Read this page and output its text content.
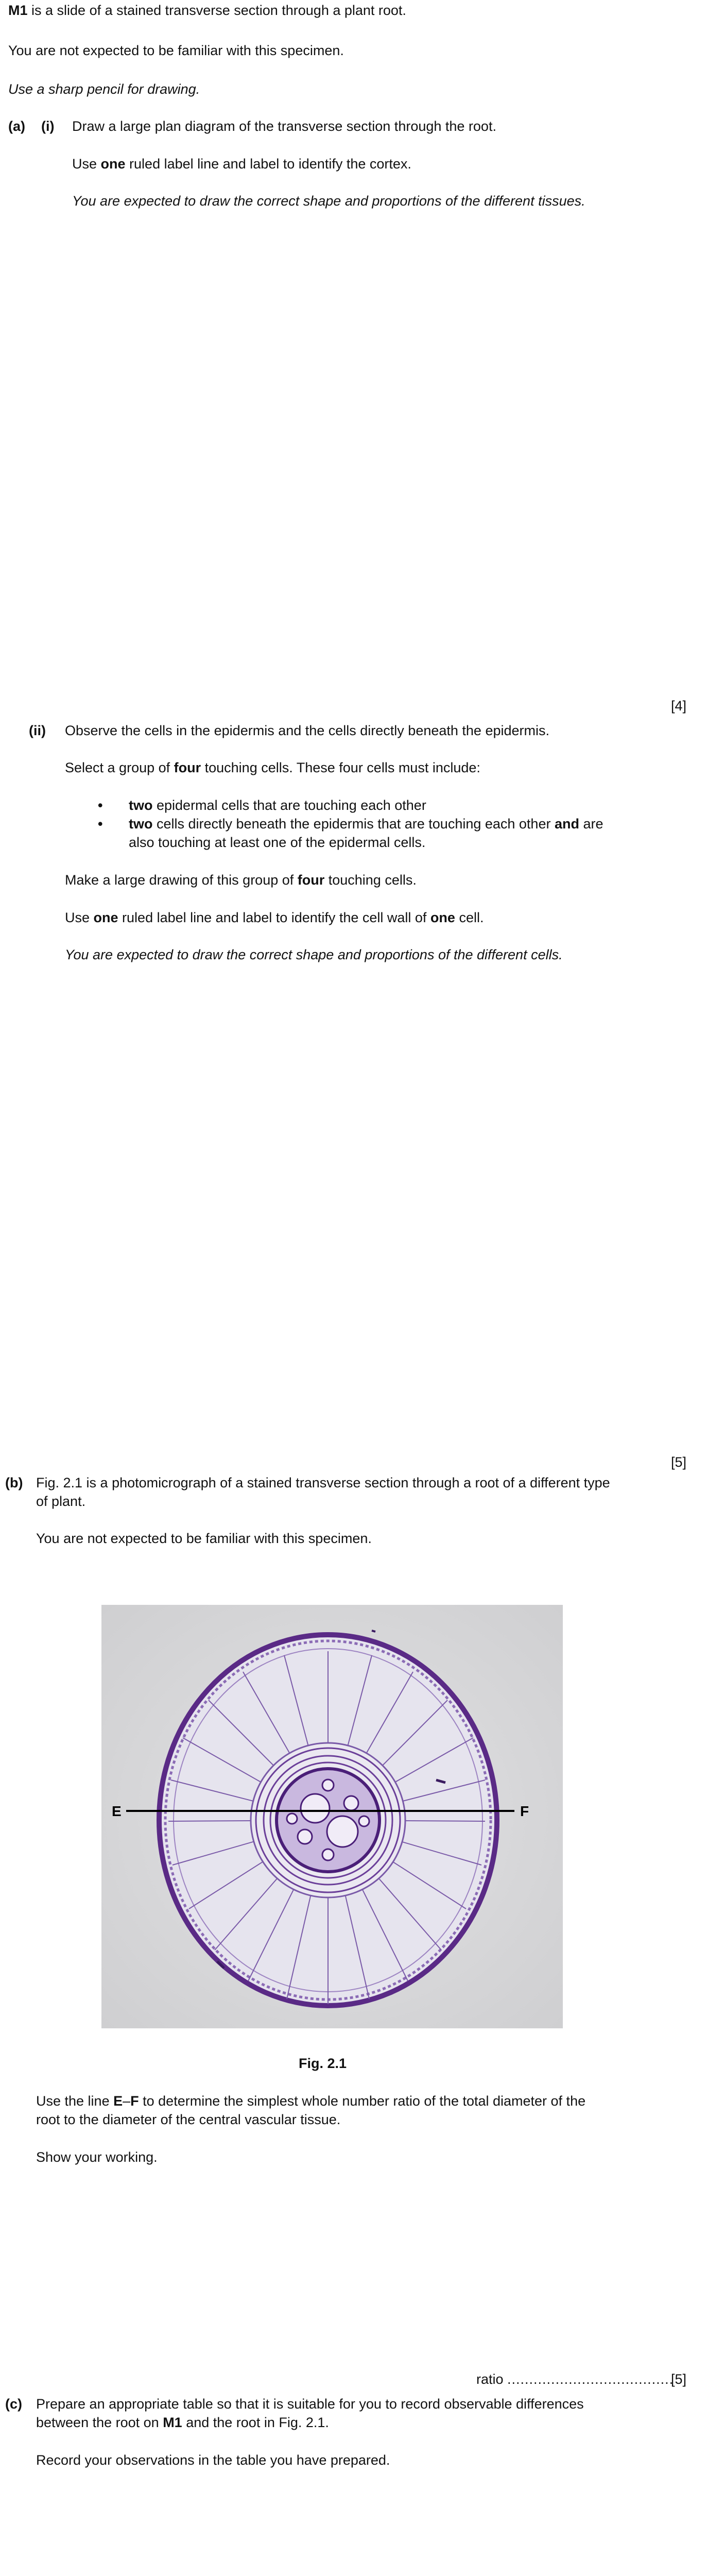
M1 is a slide of a stained transverse section through a plant root.
You are not expected to be familiar with this specimen.
Use a sharp pencil for drawing.
(a) (i) Draw a large plan diagram of the transverse section through the root.
Use one ruled label line and label to identify the cortex.
You are expected to draw the correct shape and proportions of the different tissues.
[4]
(ii) Observe the cells in the epidermis and the cells directly beneath the epidermis.
Select a group of four touching cells. These four cells must include:
• two epidermal cells that are touching each other
• two cells directly beneath the epidermis that are touching each other and are
also touching at least one of the epidermal cells.
Make a large drawing of this group of four touching cells.
Use one ruled label line and label to identify the cell wall of one cell.
You are expected to draw the correct shape and proportions of the different cells.
[5]
(b) Fig. 2.1 is a photomicrograph of a stained transverse section through a root of a different type
of plant.
You are not expected to be familiar with this specimen.
E	F
Fig. 2.1
Use the line E–F to determine the simplest whole number ratio of the total diameter of the
root to the diameter of the central vascular tissue.
Show your working.
ratio ......................................
[5]
(c) Prepare an appropriate table so that it is suitable for you to record observable differences
between the root on M1 and the root in Fig. 2.1.
Record your observations in the table you have prepared.
